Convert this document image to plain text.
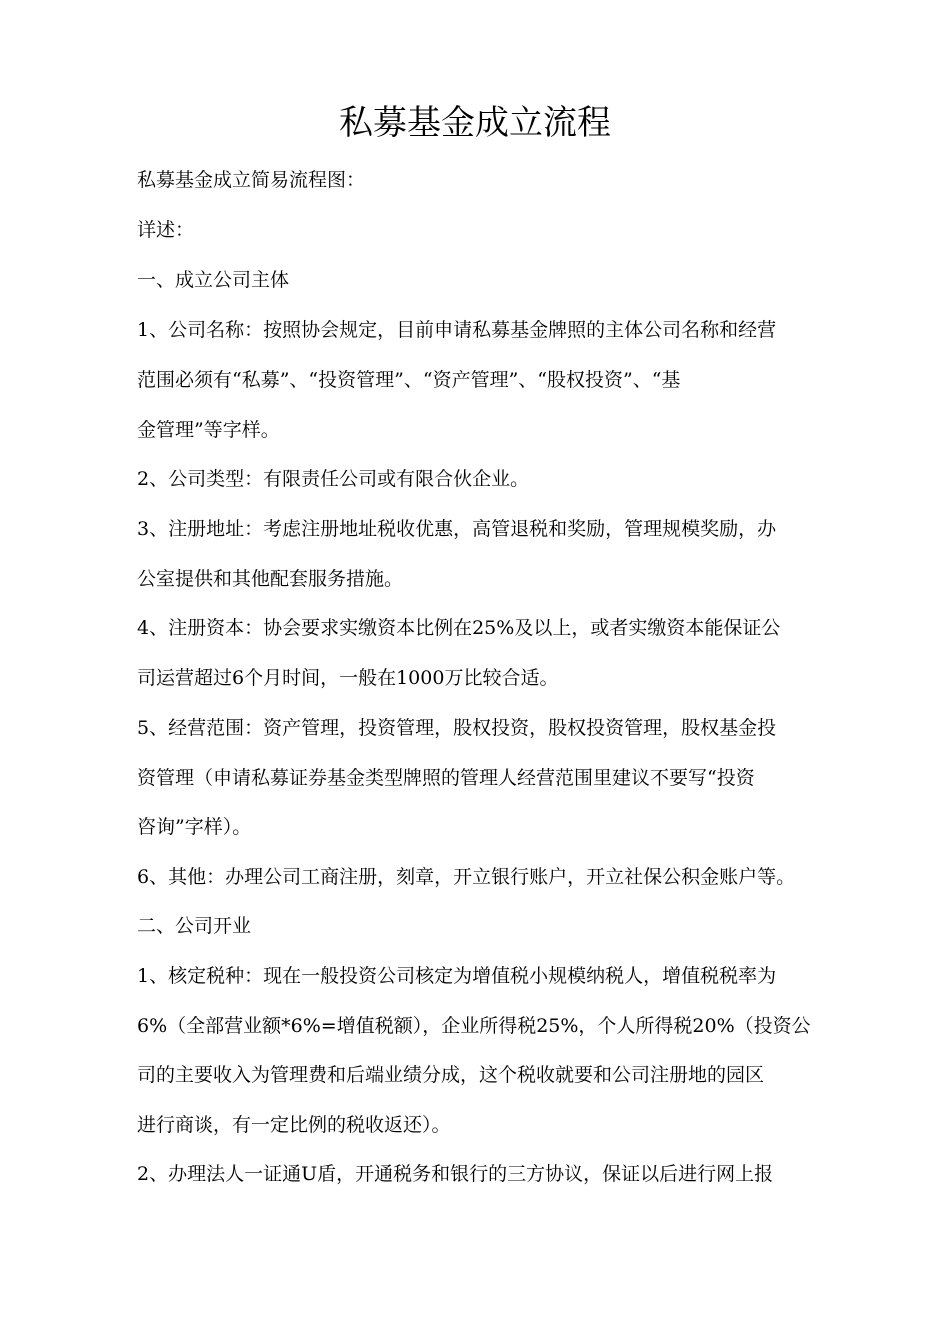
私募基金成立流程

私募基金成立简易流程图：

详述：

一、成立公司主体

1、公司名称：按照协会规定，目前申请私募基金牌照的主体公司名称和经营

范围必须有“私募”、“投资管理”、“资产管理”、“股权投资”、“基

金管理”等字样。

2、公司类型：有限责任公司或有限合伙企业。

3、注册地址：考虑注册地址税收优惠，高管退税和奖励，管理规模奖励，办

公室提供和其他配套服务措施。

4、注册资本：协会要求实缴资本比例在25%及以上，或者实缴资本能保证公

司运营超过6个月时间，一般在1000万比较合适。

5、经营范围：资产管理，投资管理，股权投资，股权投资管理，股权基金投

资管理（申请私募证券基金类型牌照的管理人经营范围里建议不要写“投资

咨询”字样）。

6、其他：办理公司工商注册，刻章，开立银行账户，开立社保公积金账户等。

二、公司开业

1、核定税种：现在一般投资公司核定为增值税小规模纳税人，增值税税率为

6%（全部营业额*6%=增值税额），企业所得税25%，个人所得税20%（投资公

司的主要收入为管理费和后端业绩分成，这个税收就要和公司注册地的园区

进行商谈，有一定比例的税收返还）。

2、办理法人一证通U盾，开通税务和银行的三方协议，保证以后进行网上报
